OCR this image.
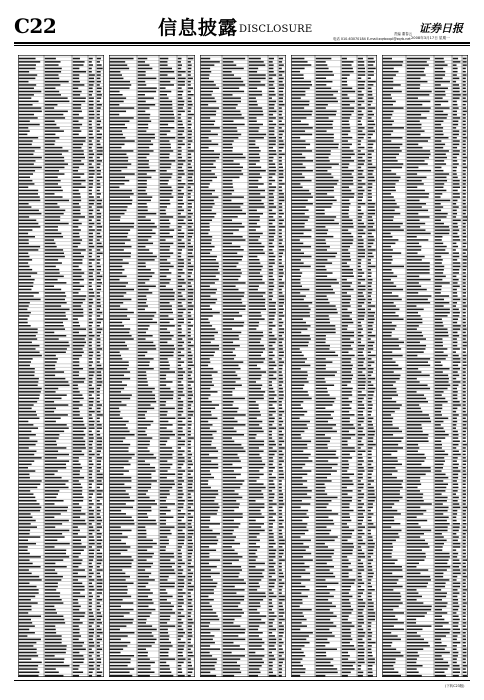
C22	信息披露 DISCLOSURE	责编 董春云
电话 010-63070184 E-mail:zqrbxxpl@zqrb.net
证券日报
2008年3月17日 星期一
(下转C23版)
